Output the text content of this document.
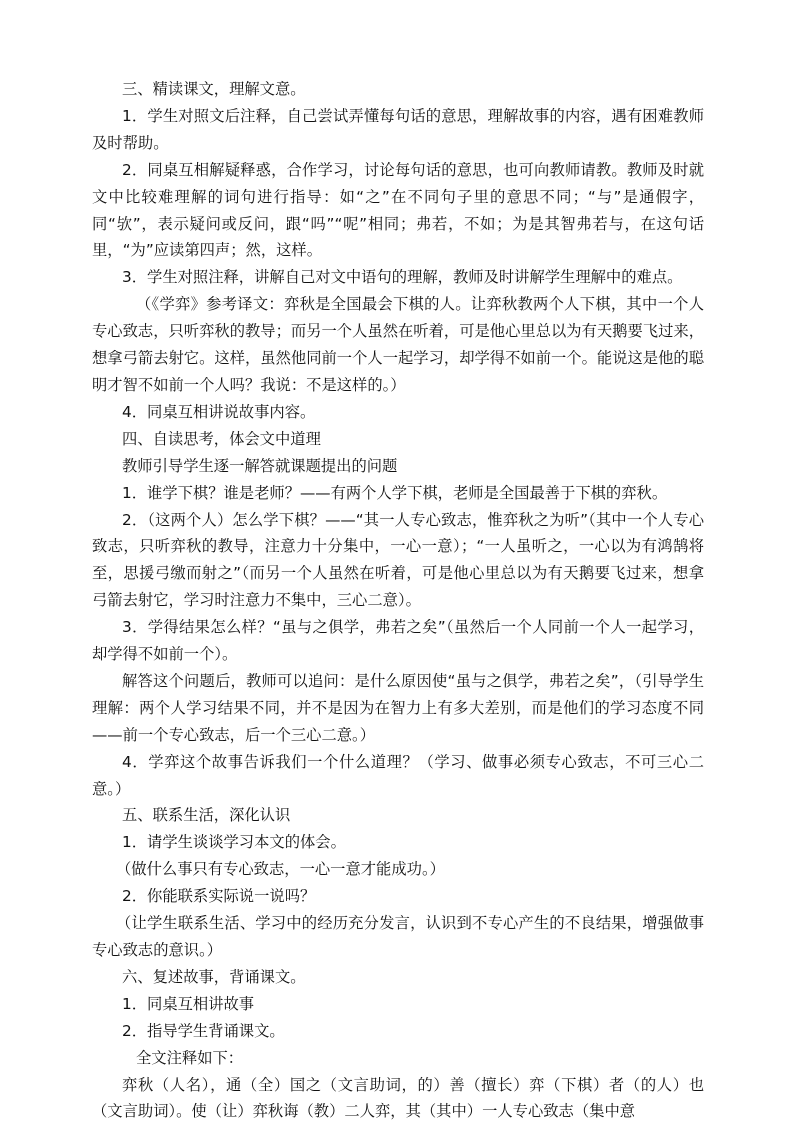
三、精读课文，理解文意。

1．学生对照文后注释，自己尝试弄懂每句话的意思，理解故事的内容，遇有困难教师及时帮助。

2．同桌互相解疑释惑，合作学习，讨论每句话的意思，也可向教师请教。教师及时就文中比较难理解的词句进行指导：如“之”在不同句子里的意思不同；“与”是通假字，同“欤”，表示疑问或反问，跟“吗”“呢”相同；弗若，不如；为是其智弗若与，在这句话里，“为”应读第四声；然，这样。

3．学生对照注释，讲解自己对文中语句的理解，教师及时讲解学生理解中的难点。

（《学弈》参考译文：弈秋是全国最会下棋的人。让弈秋教两个人下棋，其中一个人专心致志，只听弈秋的教导；而另一个人虽然在听着，可是他心里总以为有天鹅要飞过来，想拿弓箭去射它。这样，虽然他同前一个人一起学习，却学得不如前一个。能说这是他的聪明才智不如前一个人吗？我说：不是这样的。）

4．同桌互相讲说故事内容。

四、自读思考，体会文中道理

教师引导学生逐一解答就课题提出的问题

1．谁学下棋？谁是老师？——有两个人学下棋，老师是全国最善于下棋的弈秋。

2．（这两个人）怎么学下棋？——“其一人专心致志，惟弈秋之为听”（其中一个人专心致志，只听弈秋的教导，注意力十分集中，一心一意）；“一人虽听之，一心以为有鸿鹄将至，思援弓缴而射之”（而另一个人虽然在听着，可是他心里总以为有天鹅要飞过来，想拿弓箭去射它，学习时注意力不集中，三心二意）。

3．学得结果怎么样？“虽与之俱学，弗若之矣”（虽然后一个人同前一个人一起学习，却学得不如前一个）。

解答这个问题后，教师可以追问：是什么原因使“虽与之俱学，弗若之矣”，（引导学生理解：两个人学习结果不同，并不是因为在智力上有多大差别，而是他们的学习态度不同——前一个专心致志，后一个三心二意。）

4．学弈这个故事告诉我们一个什么道理？（学习、做事必须专心致志，不可三心二意。）

五、联系生活，深化认识

1．请学生谈谈学习本文的体会。

（做什么事只有专心致志，一心一意才能成功。）

2．你能联系实际说一说吗？

（让学生联系生活、学习中的经历充分发言，认识到不专心产生的不良结果，增强做事专心致志的意识。）

六、复述故事，背诵课文。

1．同桌互相讲故事

2．指导学生背诵课文。

全文注释如下：

弈秋（人名），通（全）国之（文言助词，的）善（擅长）弈（下棋）者（的人）也（文言助词）。使（让）弈秋诲（教）二人弈，其（其中）一人专心致志（集中意
